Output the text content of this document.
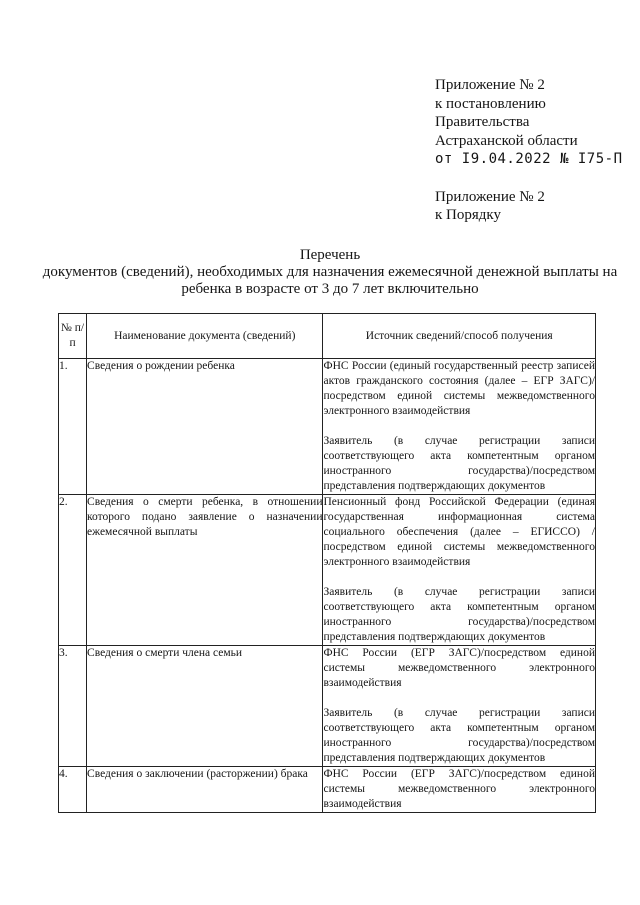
Приложение № 2
к постановлению
Правительства
Астраханской области
от I9.04.2022 № I75-П
Приложение № 2
к Порядку
Перечень
документов (сведений), необходимых для назначения ежемесячной денежной выплаты на ребенка в возрасте от 3 до 7 лет включительно
№ п/п	Наименование документа (сведений)	Источник сведений/способ получения
1.	Сведения о рождении ребенка	ФНС России (единый государственный реестр записей актов гражданского состояния (далее – ЕГР ЗАГС)/посредством единой системы межведомственного электронного взаимодействия

Заявитель (в случае регистрации записи соответствующего акта компетентным органом иностранного государства)/посредством представления подтверждающих документов

2.	Сведения о смерти ребенка, в отношении которого подано заявление о назначении ежемесячной выплаты	Пенсионный фонд Российской Федерации (единая государственная информационная система социального обеспечения (далее – ЕГИССО) / посредством единой системы межведомственного электронного взаимодействия

Заявитель (в случае регистрации записи соответствующего акта компетентным органом иностранного государства)/посредством представления подтверждающих документов

3.	Сведения о смерти члена семьи	ФНС России (ЕГР ЗАГС)/посредством единой системы межведомственного электронного взаимодействия

Заявитель (в случае регистрации записи соответствующего акта компетентным органом иностранного государства)/посредством представления подтверждающих документов

4.	Сведения о заключении (расторжении) брака	ФНС России (ЕГР ЗАГС)/посредством единой системы межведомственного электронного взаимодействия
